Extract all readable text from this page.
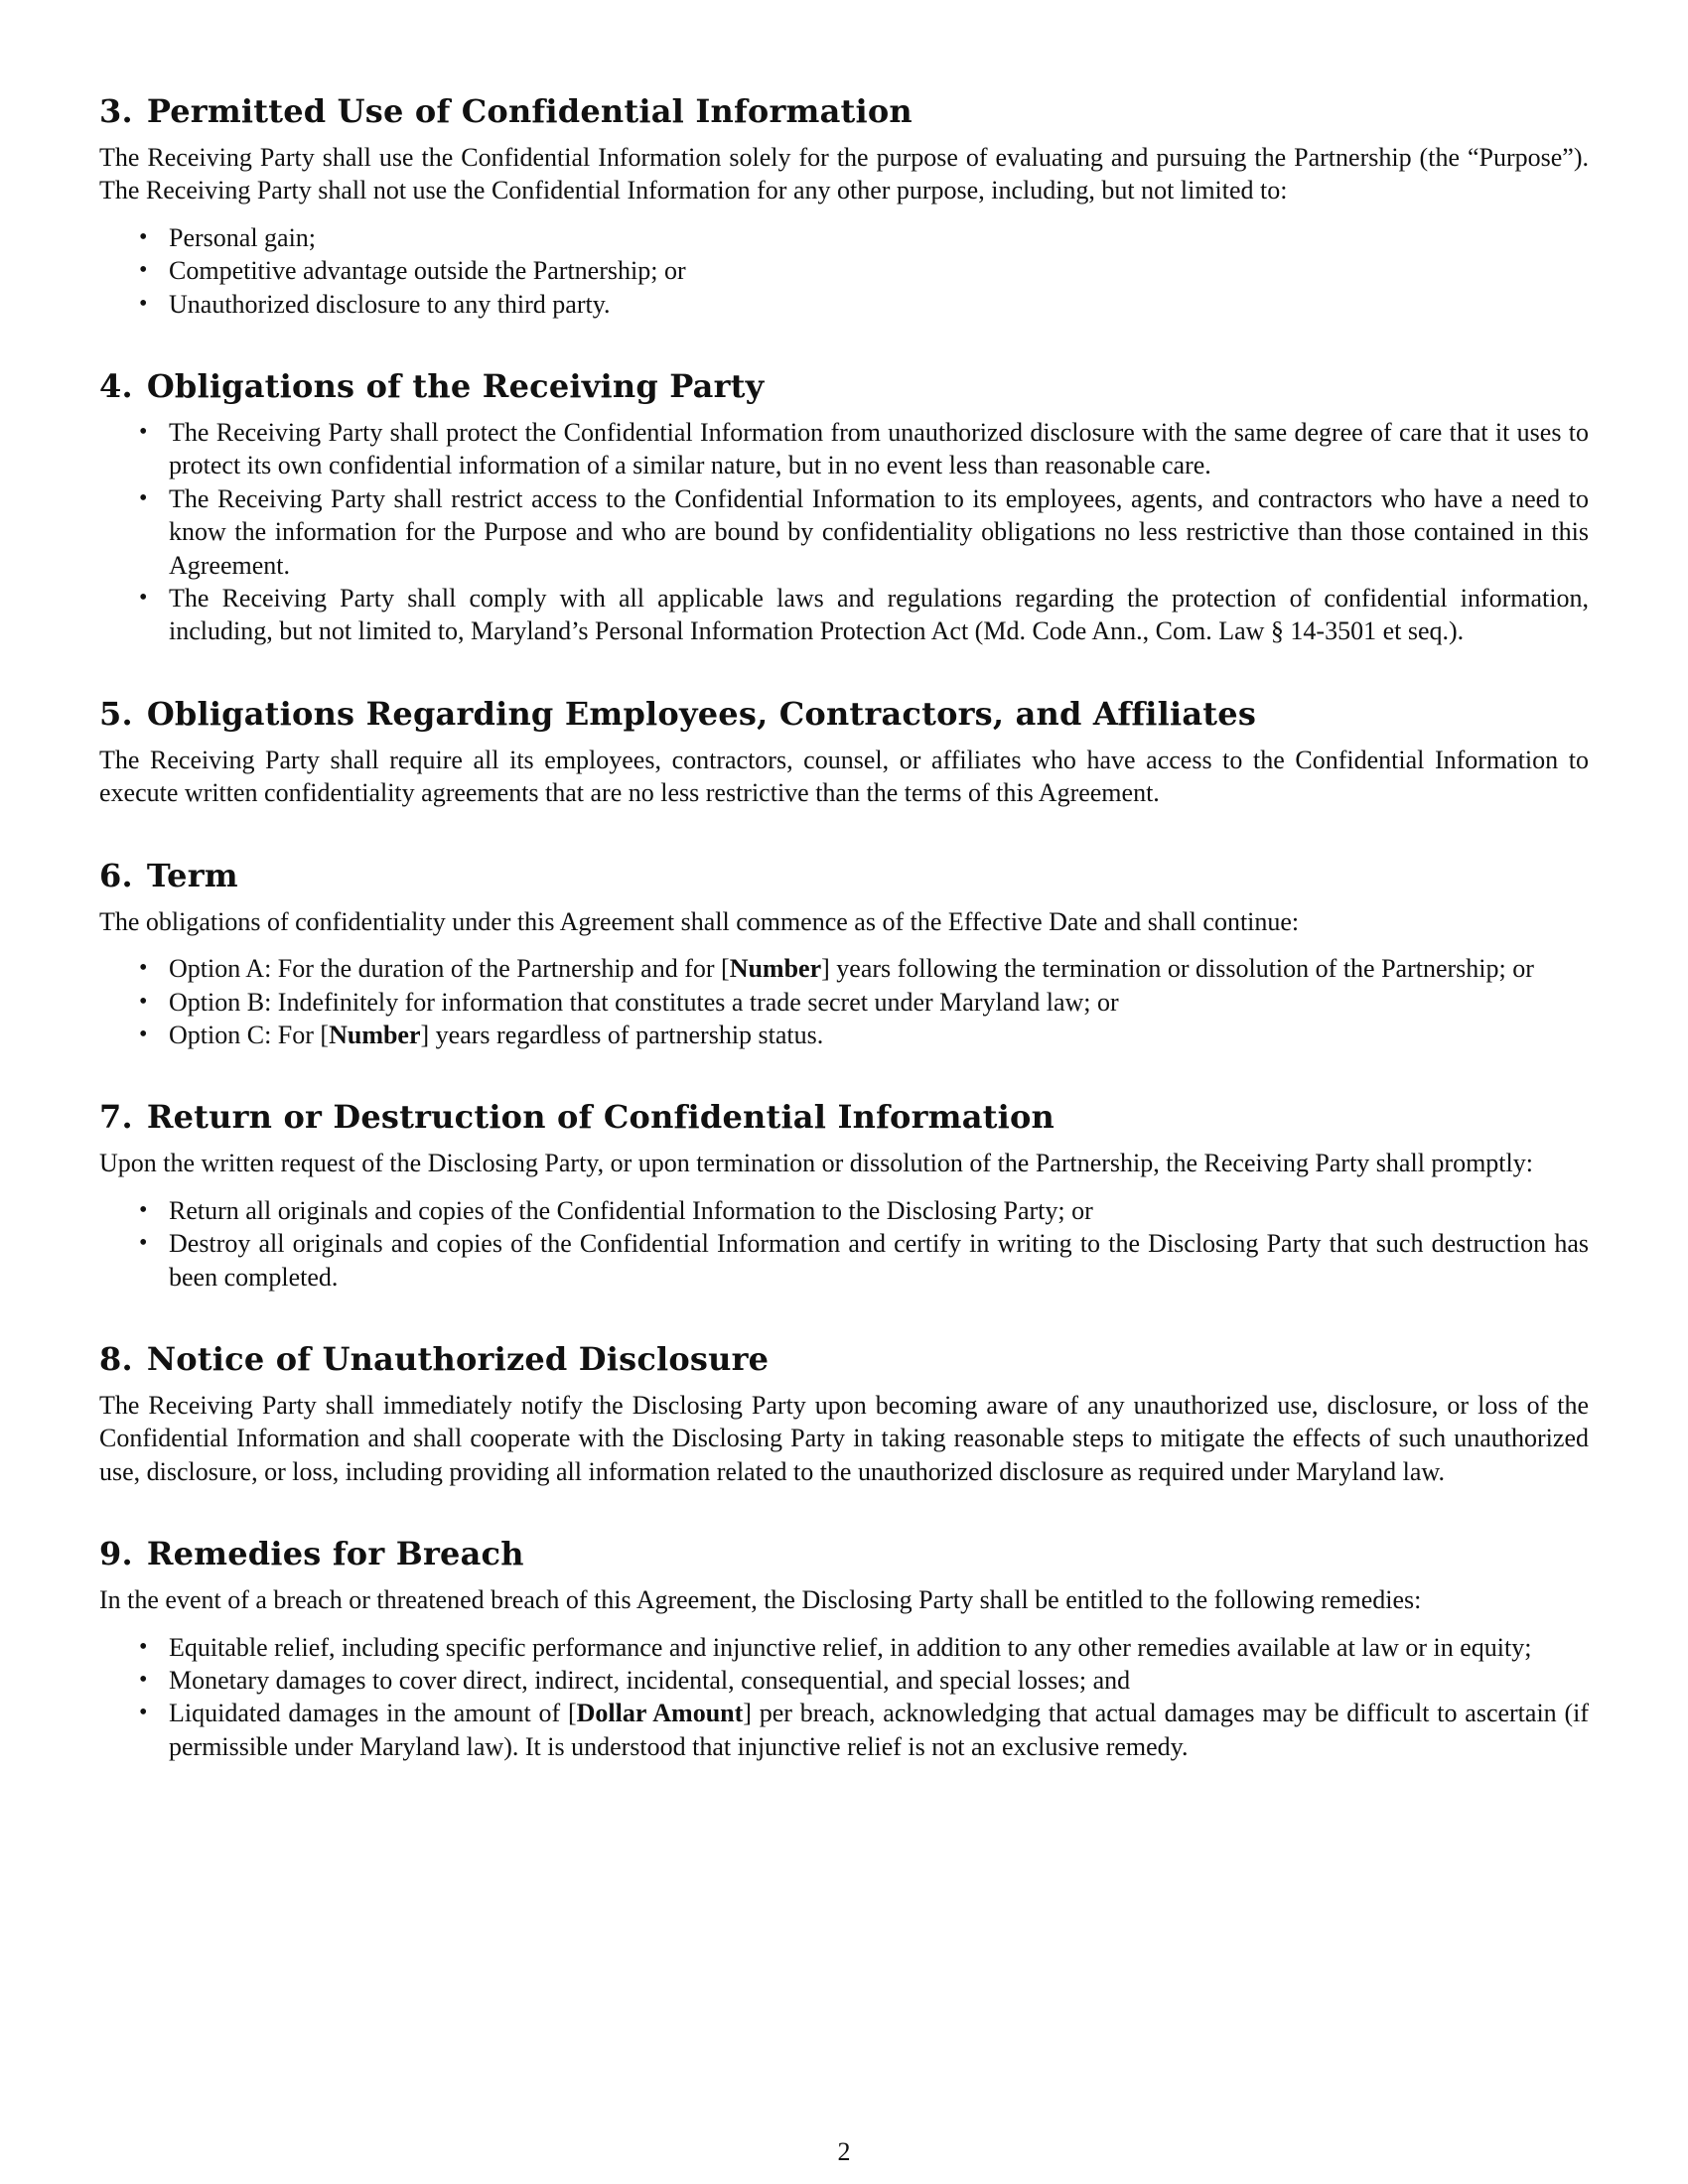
3. Permitted Use of Confidential Information

The Receiving Party shall use the Confidential Information solely for the purpose of evaluating and pursuing the Partnership (the “Purpose”). The Receiving Party shall not use the Confidential Information for any other purpose, including, but not limited to:

• Personal gain;
• Competitive advantage outside the Partnership; or
• Unauthorized disclosure to any third party.
4. Obligations of the Receiving Party
• The Receiving Party shall protect the Confidential Information from unauthorized disclosure with the same degree of care that it uses to protect its own confidential information of a similar nature, but in no event less than reasonable care.
• The Receiving Party shall restrict access to the Confidential Information to its employees, agents, and contractors who have a need to know the information for the Purpose and who are bound by confidentiality obligations no less restrictive than those contained in this Agreement.
• The Receiving Party shall comply with all applicable laws and regulations regarding the protection of confidential information, including, but not limited to, Maryland’s Personal Information Protection Act (Md. Code Ann., Com. Law § 14-3501 et seq.).
5. Obligations Regarding Employees, Contractors, and Affiliates

The Receiving Party shall require all its employees, contractors, counsel, or affiliates who have access to the Confidential Information to execute written confidentiality agreements that are no less restrictive than the terms of this Agreement.

6. Term

The obligations of confidentiality under this Agreement shall commence as of the Effective Date and shall continue:

• Option A: For the duration of the Partnership and for [Number] years following the termination or dissolution of the Partnership; or
• Option B: Indefinitely for information that constitutes a trade secret under Maryland law; or
• Option C: For [Number] years regardless of partnership status.
7. Return or Destruction of Confidential Information

Upon the written request of the Disclosing Party, or upon termination or dissolution of the Partnership, the Receiving Party shall promptly:

• Return all originals and copies of the Confidential Information to the Disclosing Party; or
• Destroy all originals and copies of the Confidential Information and certify in writing to the Disclosing Party that such destruction has been completed.
8. Notice of Unauthorized Disclosure

The Receiving Party shall immediately notify the Disclosing Party upon becoming aware of any unauthorized use, disclosure, or loss of the Confidential Information and shall cooperate with the Disclosing Party in taking reasonable steps to mitigate the effects of such unauthorized use, disclosure, or loss, including providing all information related to the unauthorized disclosure as required under Maryland law.

9. Remedies for Breach

In the event of a breach or threatened breach of this Agreement, the Disclosing Party shall be entitled to the following remedies:

• Equitable relief, including specific performance and injunctive relief, in addition to any other remedies available at law or in equity;
• Monetary damages to cover direct, indirect, incidental, consequential, and special losses; and
• Liquidated damages in the amount of [Dollar Amount] per breach, acknowledging that actual damages may be difficult to ascertain (if permissible under Maryland law). It is understood that injunctive relief is not an exclusive remedy.
2
